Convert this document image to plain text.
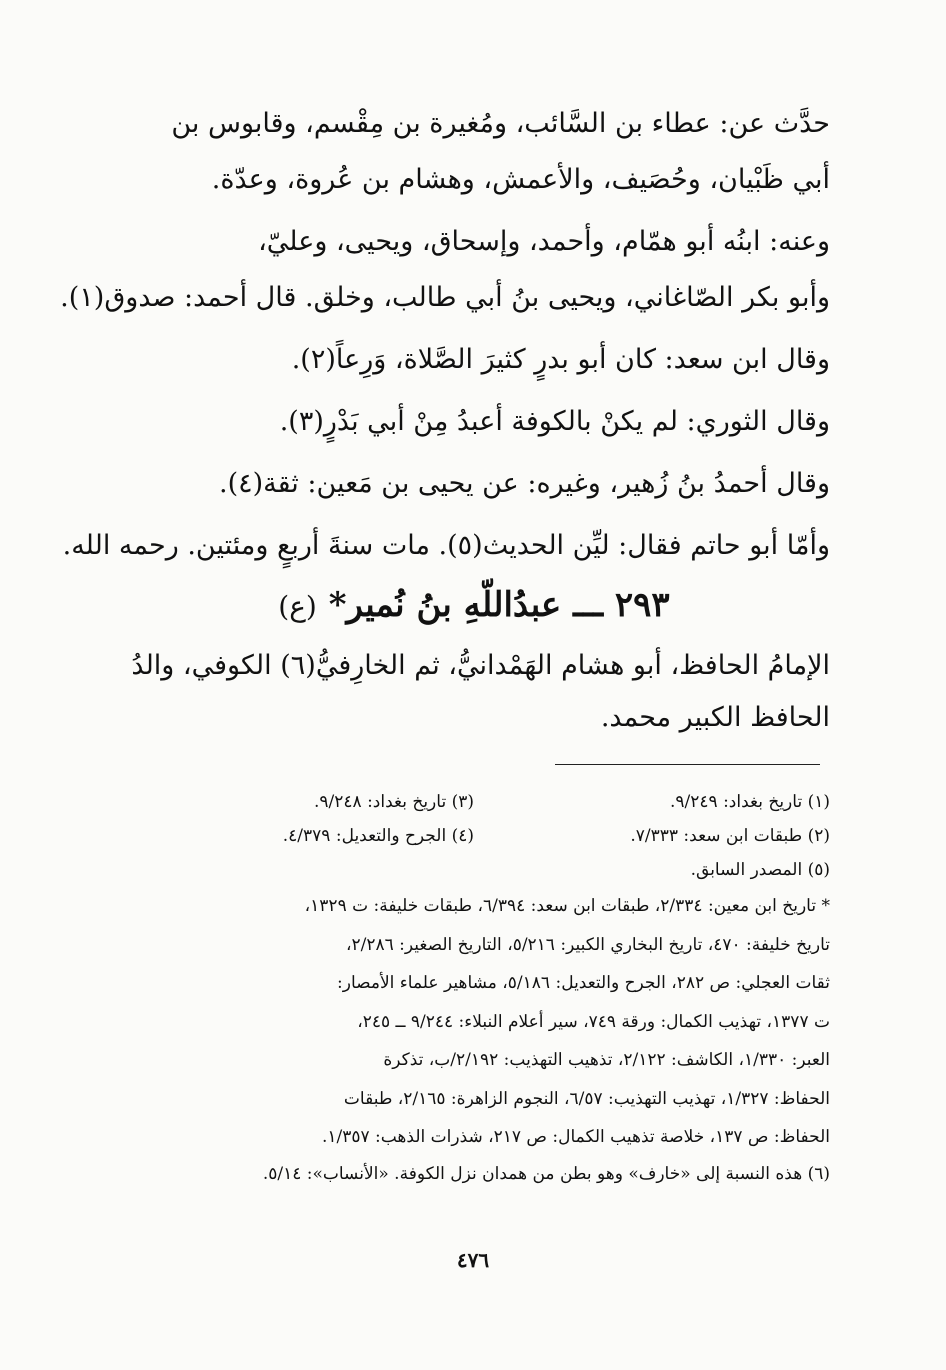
حدَّث عن: عطاء بن السَّائب، ومُغيرة بن مِقْسم، وقابوس بن
أبي ظَبْيان، وحُصَيف، والأعمش، وهشام بن عُروة، وعدّة.

وعنه: ابنُه أبو همّام، وأحمد، وإسحاق، ويحيى، وعليّ،
وأبو بكر الصّاغاني، ويحيى بنُ أبي طالب، وخلق. قال أحمد: صدوق(١).

وقال ابن سعد: كان أبو بدرٍ كثيرَ الصَّلاة، وَرِعاً(٢).

وقال الثوري: لم يكنْ بالكوفة أعبدُ مِنْ أبي بَدْرٍ(٣).

وقال أحمدُ بنُ زُهير، وغيره: عن يحيى بن مَعين: ثقة(٤).

وأمّا أبو حاتم فقال: ليِّن الحديث(٥). مات سنةَ أربعٍ ومئتين. رحمه الله.

٢٩٣ ـــ عبدُاللّهِ بنُ نُمير* (ع)
الإمامُ الحافظ، أبو هشام الهَمْدانيُّ، ثم الخارِفيُّ(٦) الكوفي، والدُ
الحافظ الكبير محمد.
(١) تاريخ بغداد: ٩/٢٤٩.
(٣) تاريخ بغداد: ٩/٢٤٨.
(٢) طبقات ابن سعد: ٧/٣٣٣.
(٤) الجرح والتعديل: ٤/٣٧٩.
(٥) المصدر السابق.
* تاريخ ابن معين: ٢/٣٣٤، طبقات ابن سعد: ٦/٣٩٤، طبقات خليفة: ت ١٣٢٩،
تاريخ خليفة: ٤٧٠، تاريخ البخاري الكبير: ٥/٢١٦، التاريخ الصغير: ٢/٢٨٦،
ثقات العجلي: ص ٢٨٢، الجرح والتعديل: ٥/١٨٦، مشاهير علماء الأمصار:
ت ١٣٧٧، تهذيب الكمال: ورقة ٧٤٩، سير أعلام النبلاء: ٩/٢٤٤ ــ ٢٤٥،
العبر: ١/٣٣٠، الكاشف: ٢/١٢٢، تذهيب التهذيب: ٢/١٩٢/ب، تذكرة
الحفاظ: ١/٣٢٧، تهذيب التهذيب: ٦/٥٧، النجوم الزاهرة: ٢/١٦٥، طبقات
الحفاظ: ص ١٣٧، خلاصة تذهيب الكمال: ص ٢١٧، شذرات الذهب: ١/٣٥٧.
(٦) هذه النسبة إلى «خارف» وهو بطن من همدان نزل الكوفة. «الأنساب»: ٥/١٤.
٤٧٦
